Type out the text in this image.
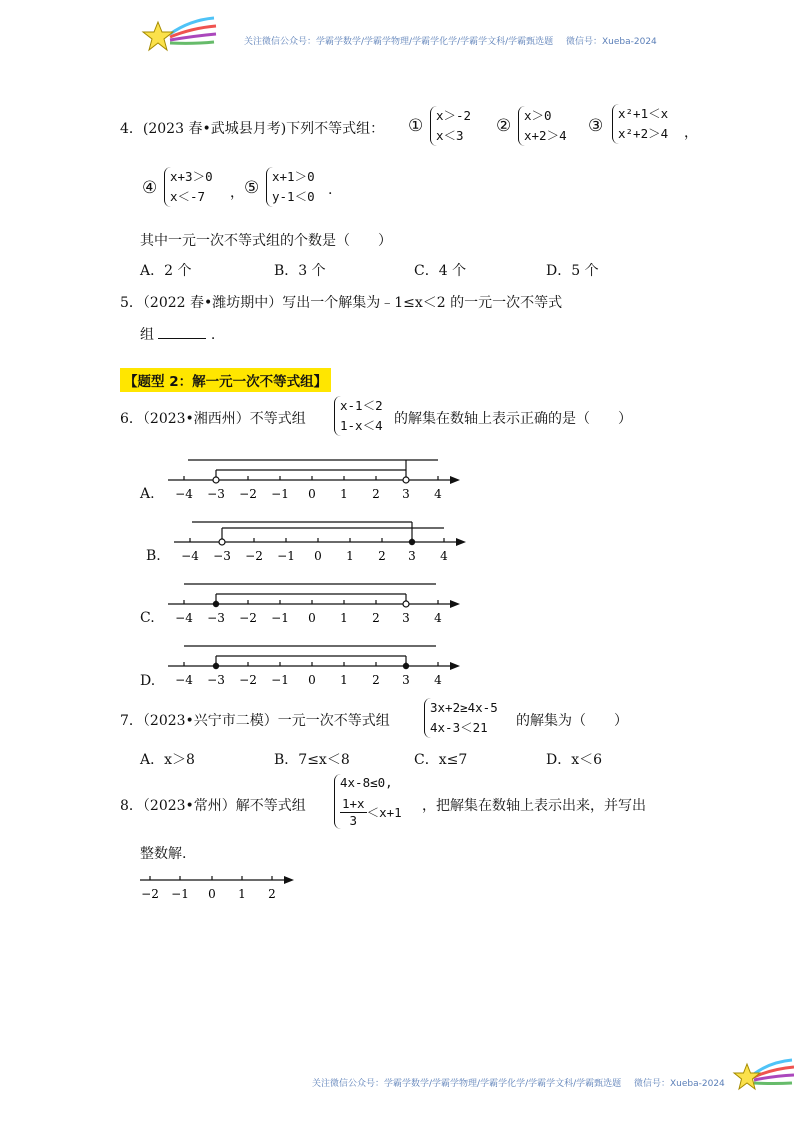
关注微信公众号：学霸学数学/学霸学物理/学霸学化学/学霸学文科/学霸甄选题 微信号：Xueba-2024
4．(2023 春•武城县月考)下列不等式组： ①
x＞-2
x＜3	②
x＞0
x+2＞4 ③
x²+1＜x
x²+2＞4 ，
④
x+3＞0
x＜-7	， ⑤
x+1＞0
y-1＜0 .
其中一元一次不等式组的个数是（　　）
A．2 个	B．3 个	C．4 个	D．5 个
5．（2022 春•潍坊期中）写出一个解集为﹣1≤x＜2 的一元一次不等式
组	.
【题型 2：解一元一次不等式组】
6．（2023•湘西州）不等式组
x-1＜2
1-x＜4 的解集在数轴上表示正确的是（　　）
A. −4 −3 −2 −1 0 1 2 3 4
B. −4 −3 −2 −1 0 1 2 3 4
C. −4 −3 −2 −1 0 1 2 3 4
D. −4 −3 −2 −1 0 1 2 3 4
7．（2023•兴宁市二模）一元一次不等式组
3x+2≥4x-5
4x-3＜21	的解集为（　　）
A．x＞8	B．7≤x＜8	C．x≤7	D．x＜6
8．（2023•常州）解不等式组
4x-8≤0,
$\frac{1+x}{3} <x+1$ ，把解集在数轴上表示出来，并写出
整数解.
−2 −1 0 1 2
关注微信公众号：学霸学数学/学霸学物理/学霸学化学/学霸学文科/学霸甄选题 微信号：Xueba-2024
